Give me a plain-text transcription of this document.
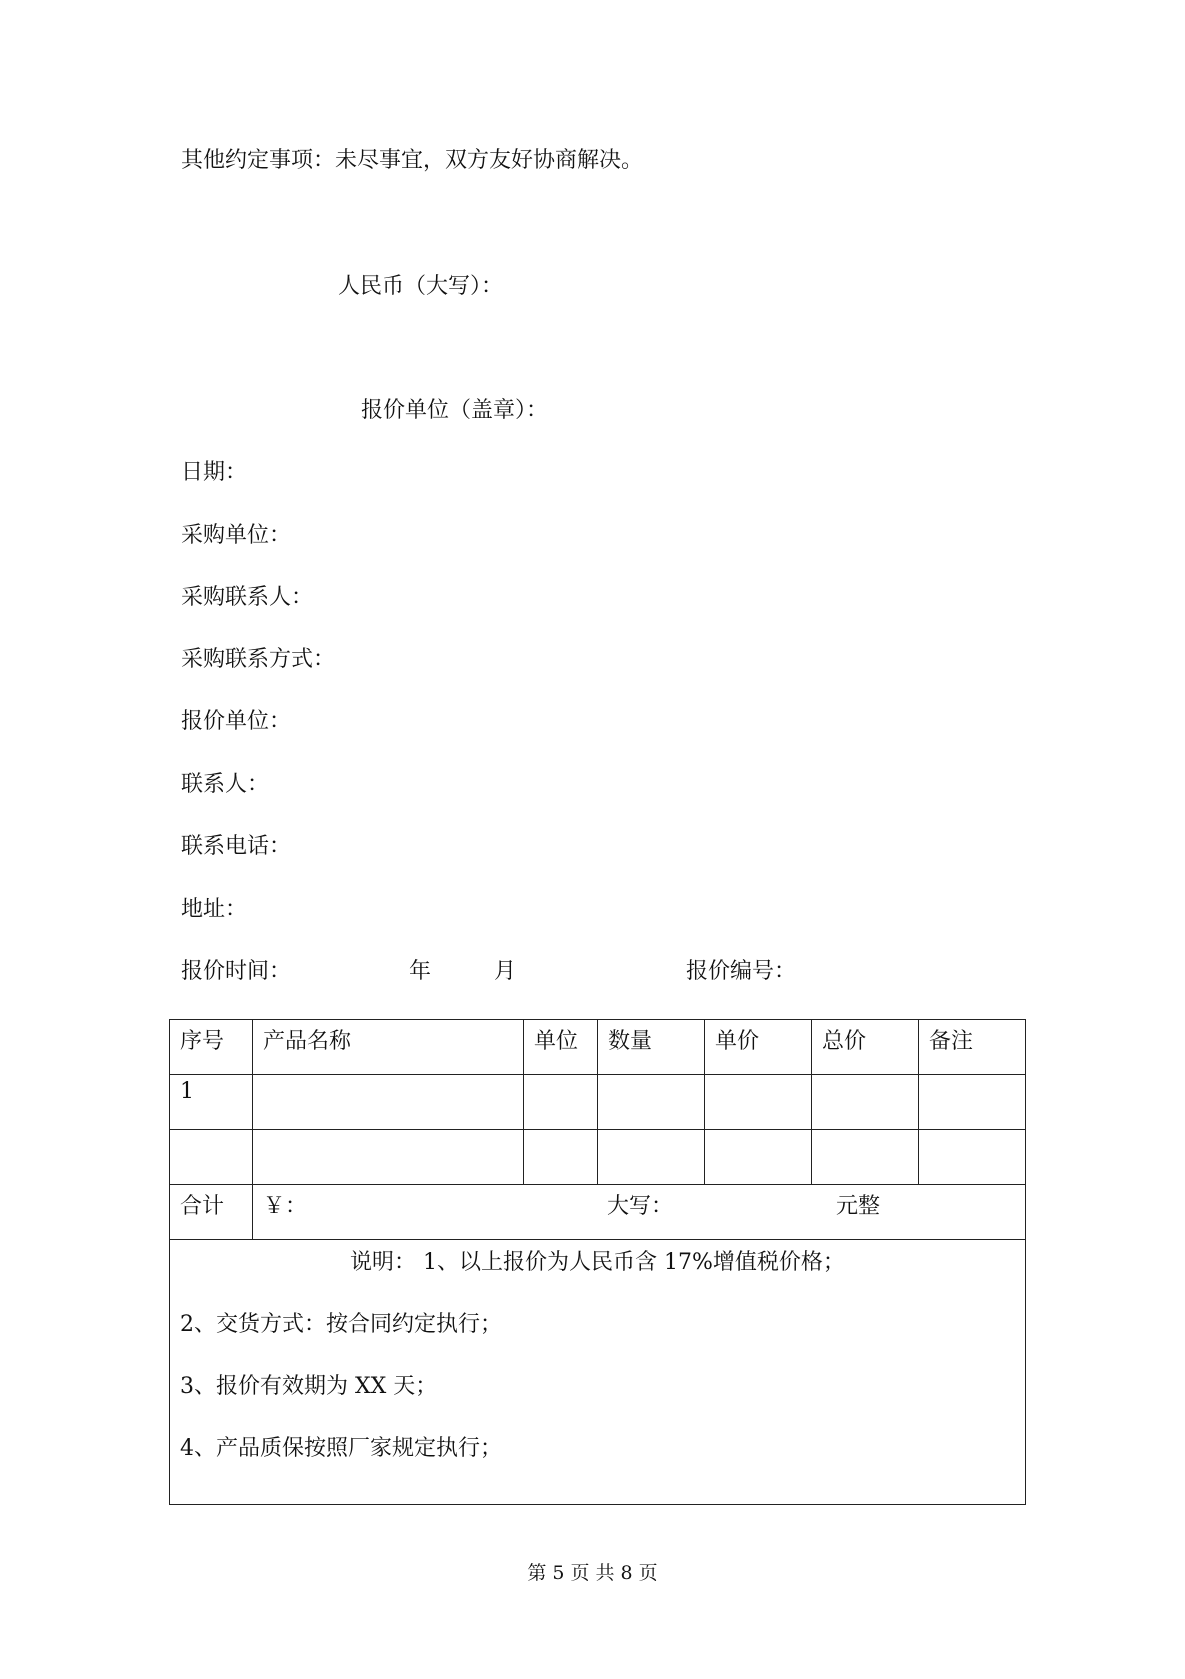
其他约定事项：未尽事宜，双方友好协商解决。
人民币（大写）：
报价单位（盖章）：
日期：
采购单位：
采购联系人：
采购联系方式：
报价单位：
联系人：
联系电话：
地址：
报价时间：	年	月	报价编号：
序号	产品名称	单位	数量	单价	总价	备注
1						

合计	￥： 大写： 元整					

说明： 1、以上报价为人民币含 17%增值税价格；
2、交货方式：按合同约定执行；
3、报价有效期为 XX 天；
4、产品质保按照厂家规定执行；						
第 5 页 共 8 页
